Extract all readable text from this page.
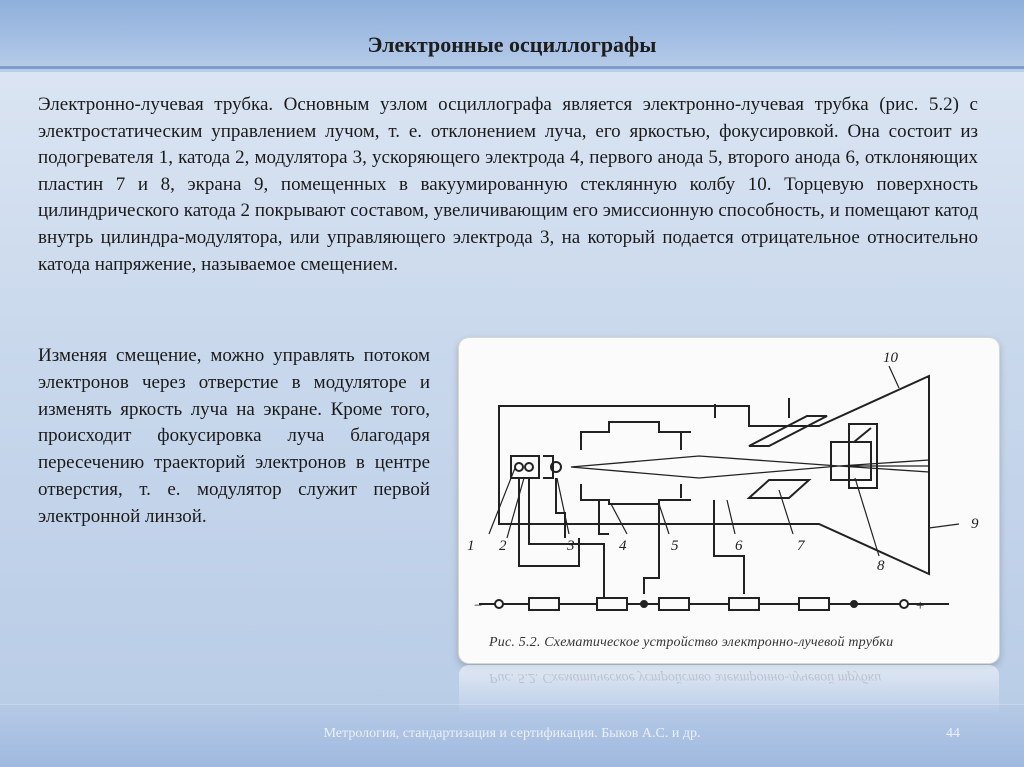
Электронные осциллографы
Электронно-лучевая трубка. Основным узлом осциллографа является электронно-лучевая трубка (рис. 5.2) с электростатическим управлением лучом, т. е. отклонением луча, его яркостью, фокусировкой. Она состоит из подогревателя 1, катода 2, модулятора 3, ускоряющего электрода 4, первого анода 5, второго анода 6, отклоняющих пластин 7 и 8, экрана 9, помещенных в вакуумированную стеклянную колбу 10. Торцевую поверхность цилиндрического катода 2 покрывают составом, увеличивающим его эмиссионную способность, и помещают катод внутрь цилиндра-модулятора, или управляющего электрода 3, на который подается отрицательное относительно катода напряжение, называемое смещением.
Изменяя смещение, можно управлять потоком электронов через отверстие в модуляторе и изменять яркость луча на экране. Кроме того, происходит фокусировка луча благодаря пересечению траекторий электронов в центре отверстия, т. е. модулятор служит первой электронной линзой.
1 2	3	4	5	6	7
8
9
10
−	+
Рис. 5.2. Схематическое устройство электронно-лучевой трубки
Рис. 5.2. Схематическое устройство электронно-лучевой трубки
Метрология, стандартизация и сертификация. Быков А.С. и др.	44
